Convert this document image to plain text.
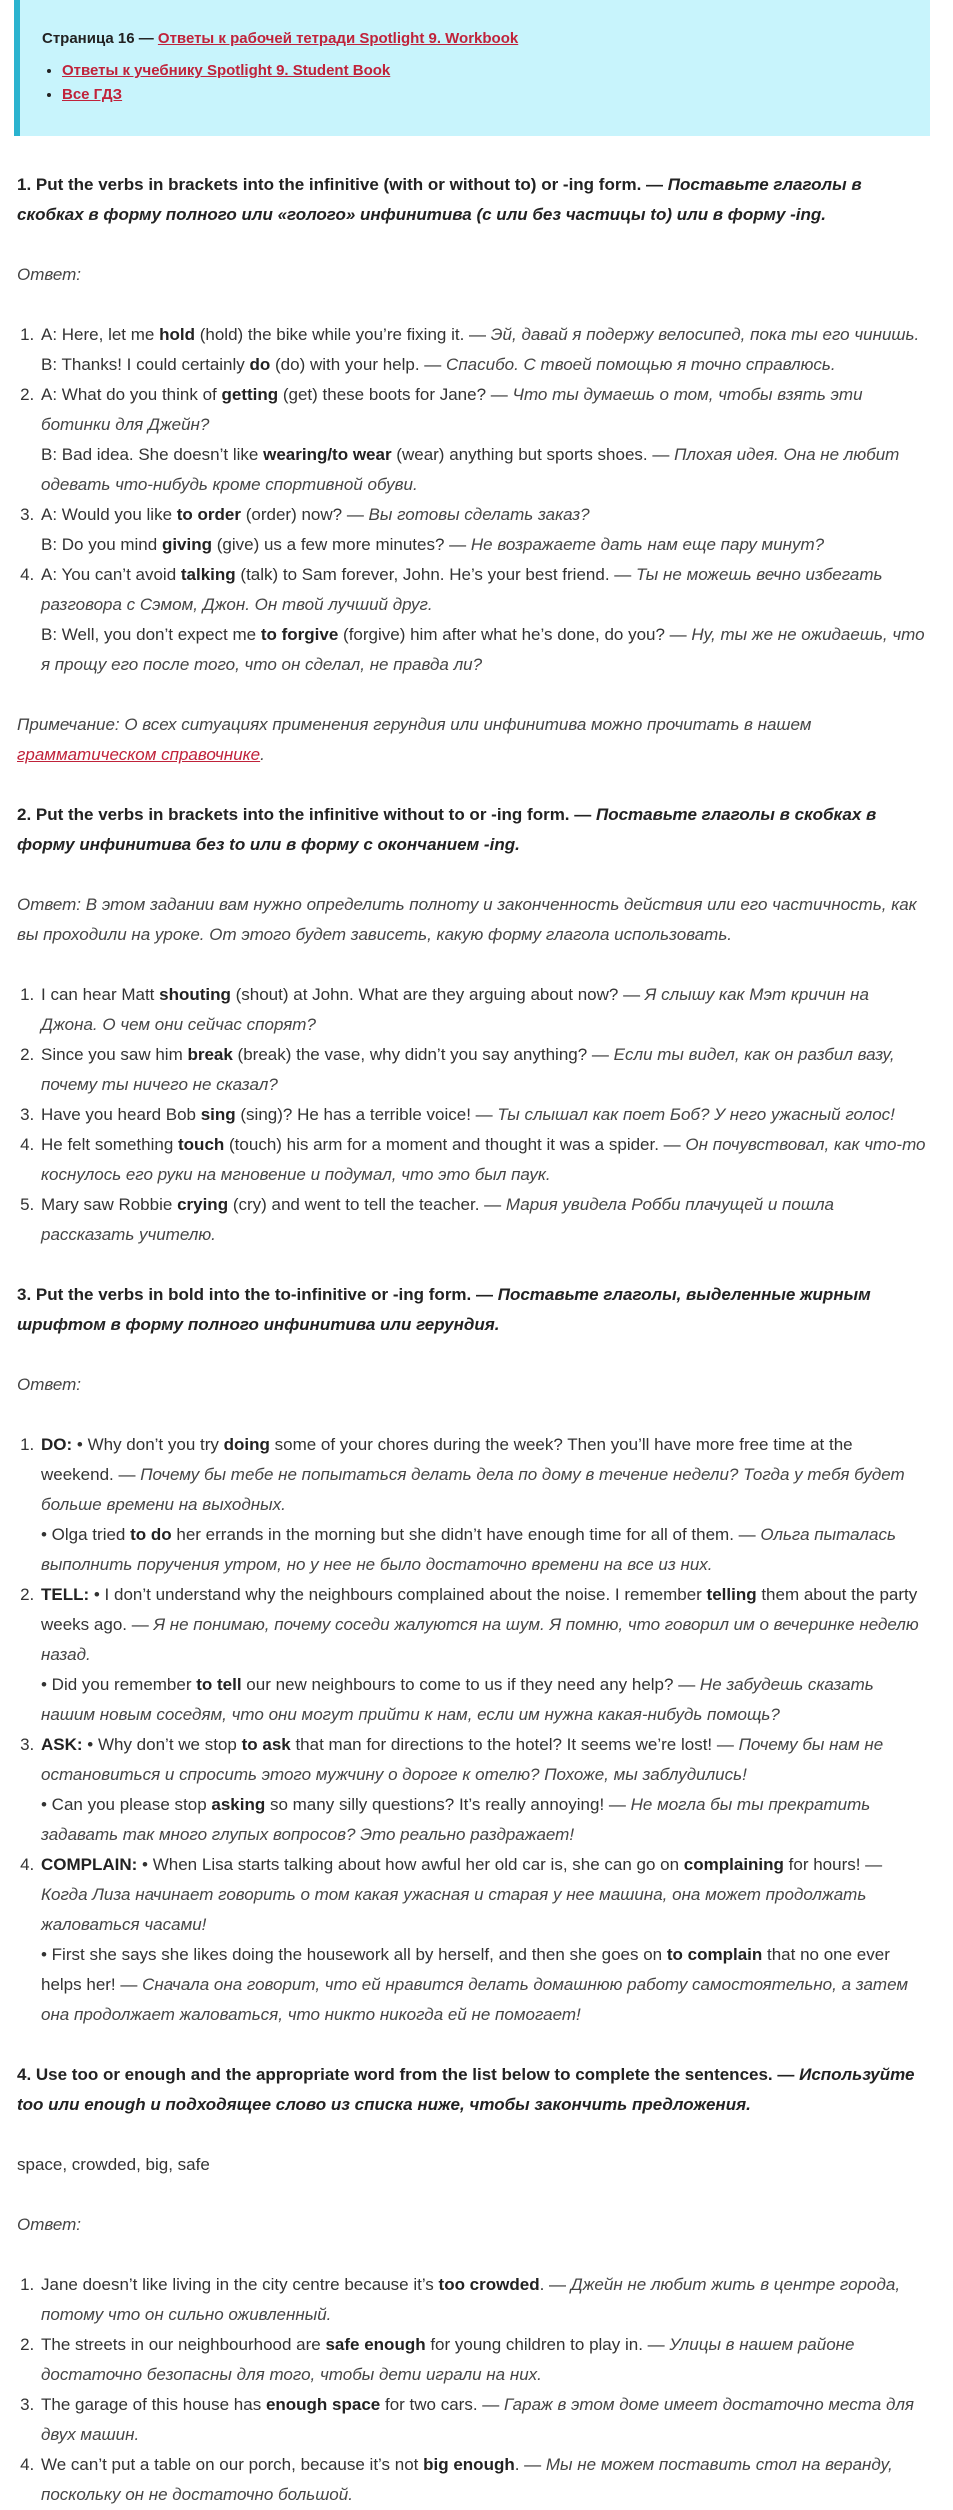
Страница 16 — Ответы к рабочей тетради Spotlight 9. Workbook
• Ответы к учебнику Spotlight 9. Student Book
• Все ГДЗ

1. Put the verbs in brackets into the infinitive (with or without to) or -ing form. — Поставьте глаголы в скобках в форму полного или «голого» инфинитива (с или без частицы to) или в форму -ing.

Ответ:

1. A: Here, let me hold (hold) the bike while you’re fixing it. — Эй, давай я подержу велосипед, пока ты его чинишь.
B: Thanks! I could certainly do (do) with your help. — Спасибо. С твоей помощью я точно справлюсь.
2. A: What do you think of getting (get) these boots for Jane? — Что ты думаешь о том, чтобы взять эти ботинки для Джейн?
B: Bad idea. She doesn’t like wearing/to wear (wear) anything but sports shoes. — Плохая идея. Она не любит одевать что-нибудь кроме спортивной обуви.
3. A: Would you like to order (order) now? — Вы готовы сделать заказ?
B: Do you mind giving (give) us a few more minutes? — Не возражаете дать нам еще пару минут?
4. A: You can’t avoid talking (talk) to Sam forever, John. He’s your best friend. — Ты не можешь вечно избегать разговора с Сэмом, Джон. Он твой лучший друг.
B: Well, you don’t expect me to forgive (forgive) him after what he’s done, do you? — Ну, ты же не ожидаешь, что я прощу его после того, что он сделал, не правда ли?

Примечание: О всех ситуациях применения герундия или инфинитива можно прочитать в нашем грамматическом справочнике.

2. Put the verbs in brackets into the infinitive without to or -ing form. — Поставьте глаголы в скобках в форму инфинитива без to или в форму с окончанием -ing.

Ответ: В этом задании вам нужно определить полноту и законченность действия или его частичность, как вы проходили на уроке. От этого будет зависеть, какую форму глагола использовать.

1. I can hear Matt shouting (shout) at John. What are they arguing about now? — Я слышу как Мэт кричин на Джона. О чем они сейчас спорят?
2. Since you saw him break (break) the vase, why didn’t you say anything? — Если ты видел, как он разбил вазу, почему ты ничего не сказал?
3. Have you heard Bob sing (sing)? He has a terrible voice! — Ты слышал как поет Боб? У него ужасный голос!
4. He felt something touch (touch) his arm for a moment and thought it was a spider. — Он почувствовал, как что-то коснулось его руки на мгновение и подумал, что это был паук.
5. Mary saw Robbie crying (cry) and went to tell the teacher. — Мария увидела Робби плачущей и пошла рассказать учителю.

3. Put the verbs in bold into the to-infinitive or -ing form. — Поставьте глаголы, выделенные жирным шрифтом в форму полного инфинитива или герундия.

Ответ:

1. DO: • Why don’t you try doing some of your chores during the week? Then you’ll have more free time at the weekend. — Почему бы тебе не попытаться делать дела по дому в течение недели? Тогда у тебя будет больше времени на выходных.
• Olga tried to do her errands in the morning but she didn’t have enough time for all of them. — Ольга пыталась выполнить поручения утром, но у нее не было достаточно времени на все из них.
2. TELL: • I don’t understand why the neighbours complained about the noise. I remember telling them about the party weeks ago. — Я не понимаю, почему соседи жалуются на шум. Я помню, что говорил им о вечеринке неделю назад.
• Did you remember to tell our new neighbours to come to us if they need any help? — Не забудешь сказать нашим новым соседям, что они могут прийти к нам, если им нужна какая-нибудь помощь?
3. ASK: • Why don’t we stop to ask that man for directions to the hotel? It seems we’re lost! — Почему бы нам не остановиться и спросить этого мужчину о дороге к отелю? Похоже, мы заблудились!
• Can you please stop asking so many silly questions? It’s really annoying! — Не могла бы ты прекратить задавать так много глупых вопросов? Это реально раздражает!
4. COMPLAIN: • When Lisa starts talking about how awful her old car is, she can go on complaining for hours! — Когда Лиза начинает говорить о том какая ужасная и старая у нее машина, она может продолжать жаловаться часами!
• First she says she likes doing the housework all by herself, and then she goes on to complain that no one ever helps her! — Сначала она говорит, что ей нравится делать домашнюю работу самостоятельно, а затем она продолжает жаловаться, что никто никогда ей не помогает!

4. Use too or enough and the appropriate word from the list below to complete the sentences. — Используйте too или enough и подходящее слово из списка ниже, чтобы закончить предложения.

space, crowded, big, safe

Ответ:

1. Jane doesn’t like living in the city centre because it’s too crowded. — Джейн не любит жить в центре города, потому что он сильно оживленный.
2. The streets in our neighbourhood are safe enough for young children to play in. — Улицы в нашем районе достаточно безопасны для того, чтобы дети играли на них.
3. The garage of this house has enough space for two cars. — Гараж в этом доме имеет достаточно места для двух машин.
4. We can’t put a table on our porch, because it’s not big enough. — Мы не можем поставить стол на веранду, поскольку он не достаточно большой.
